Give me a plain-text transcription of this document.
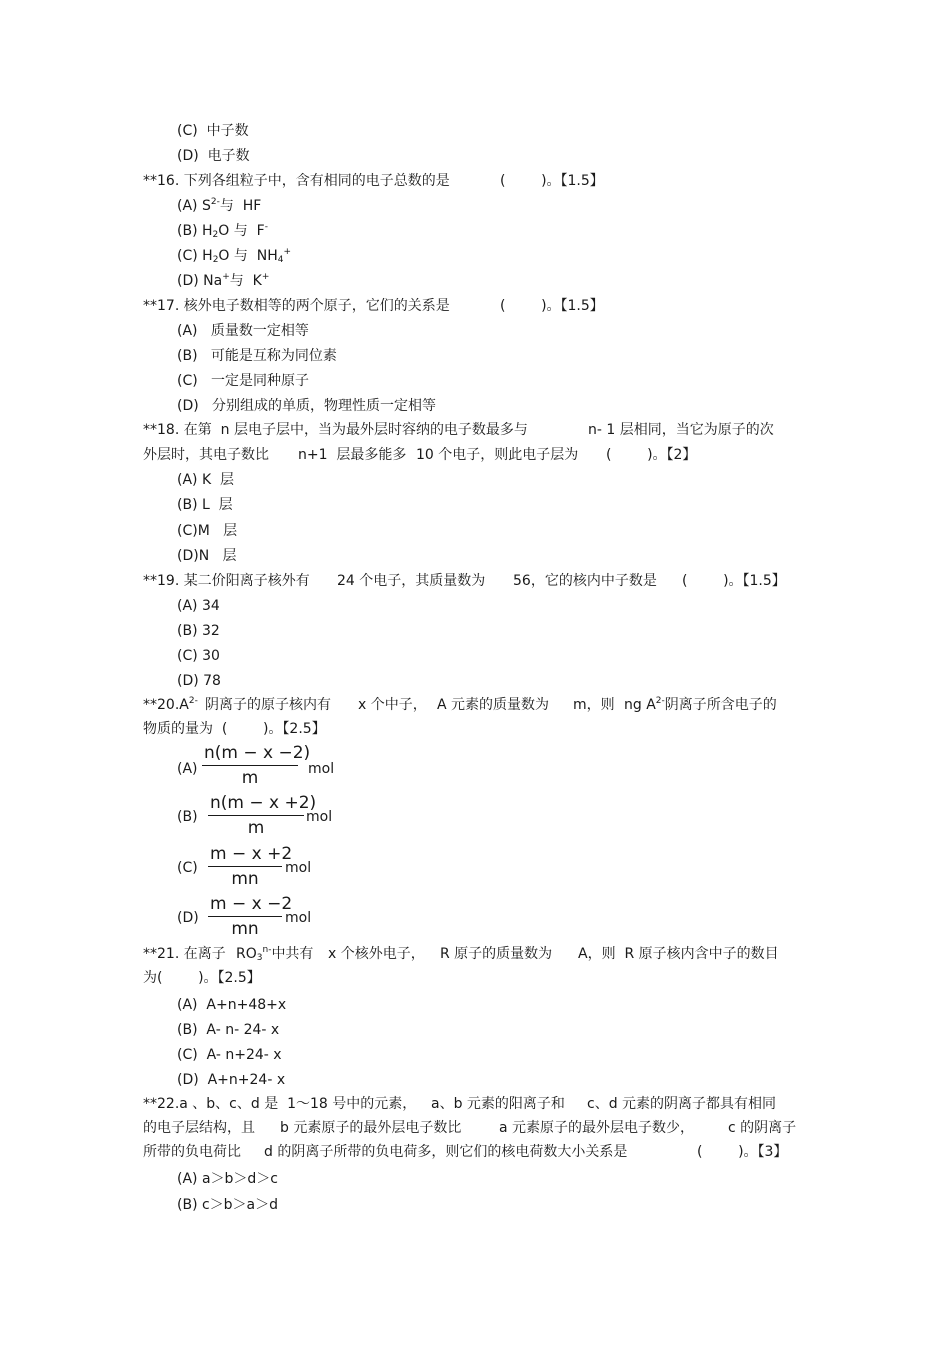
(C)  中子数
(D)  电子数
**16. 下列各组粒子中，含有相同的电子总数的是	(        )。【1.5】
(A) $S^{2-}$与  HF
(B) $H_2O$ 与  F-
(C) $H_2O$ 与  $NH_4^+$
(D) Na+与  K+
**17. 核外电子数相等的两个原子，它们的关系是	(        )。【1.5】
(A)   质量数一定相等
(B)   可能是互称为同位素
(C)   一定是同种原子
(D)   分别组成的单质，物理性质一定相等
**18. 在第  n 层电子层中，当为最外层时容纳的电子数最多与	n- 1 层相同，当它为原子的次
外层时，其电子数比 n+1  层最多能多 10 个电子，则此电子层为 (        )。【2】
(A) K  层
(B) L  层
(C)M   层
(D)N   层
**19. 某二价阳离子核外有 24 个电子，其质量数为 56，它的核内中子数是 (        )。【1.5】
(A) 34
(B) 32
(C) 30
(D) 78
$**20.A^{2-}$ 阴离子的原子核内有 x 个中子， A 元素的质量数为 m，则 ng $A^{2-}$阴离子所含电子的
物质的量为  (        )。【2.5】
(A)
n(m − x −2)
m	mol
(B)
n(m − x +2)
m
mol
(C)
m − x +2
mn
mol
(D)
m − x −2
mn
mol
**21. 在离子 $RO_3^{n-}$中共有 x 个核外电子， R 原子的质量数为 A，则  R 原子核内含中子的数目
为(        )。【2.5】
(A)  A+n+48+x
(B)  A- n- 24- x
(C)  A- n+24- x
(D)  A+n+24- x
**22.a 、b、c、d 是  1～18 号中的元素， a、b 元素的阳离子和 c、d 元素的阴离子都具有相同
的电子层结构，且 b 元素原子的最外层电子数比	a 元素原子的最外层电子数少， c 的阴离子
所带的负电荷比 d 的阴离子所带的负电荷多，则它们的核电荷数大小关系是	(        )。【3】
(A) a＞b＞d＞c
(B) c＞b＞a＞d
